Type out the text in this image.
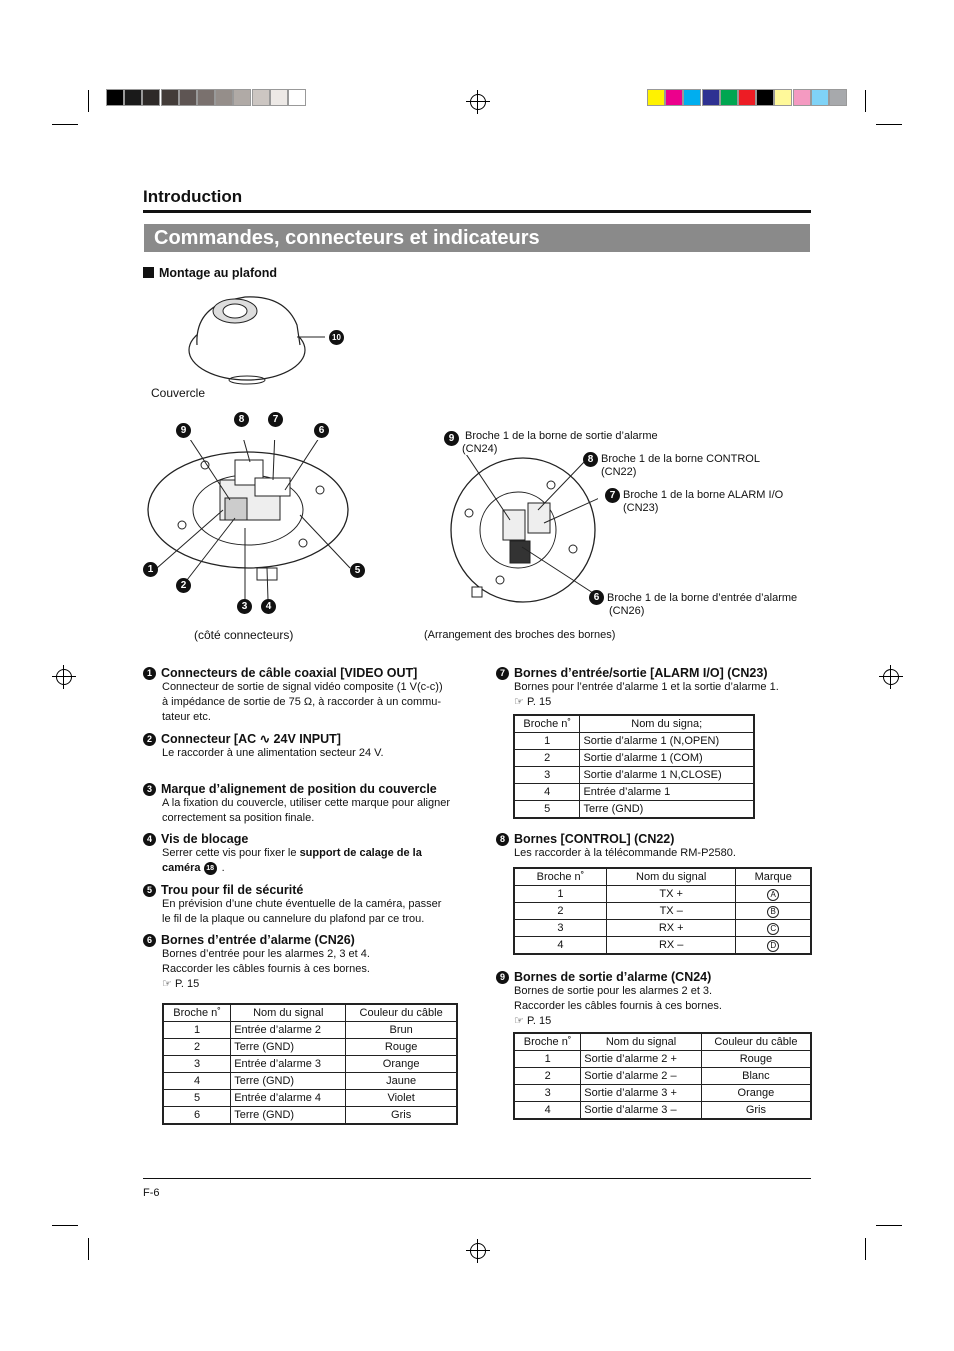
Introduction
Commandes, connecteurs et indicateurs
Montage au plafond
10
Couvercle
9
8	7
6
1
2
5
3	4
(côté connecteurs)
9 Broche 1 de la borne de sortie d’alarme
(CN24)
8 Broche 1 de la borne CONTROL
(CN22)
7 Broche 1 de la borne ALARM I/O
(CN23)
6 Broche 1 de la borne d’entrée d’alarme
(CN26)
(Arrangement des broches des bornes)
1 Connecteurs de câble coaxial [VIDEO OUT]
Connecteur de sortie de signal vidéo composite (1 V(c-c))
à impédance de sortie de 75 Ω, à raccorder à un commu-
tateur etc.
2 Connecteur [AC ∿ 24V INPUT]
Le raccorder à une alimentation secteur 24 V.
3 Marque d’alignement de position du couvercle
A la fixation du couvercle, utiliser cette marque pour aligner
correctement sa position finale.
4 Vis de blocage
Serrer cette vis pour fixer le support de calage de la
caméra 18 .
5 Trou pour fil de sécurité
En prévision d’une chute éventuelle de la caméra, passer
le fil de la plaque ou cannelure du plafond par ce trou.
6 Bornes d’entrée d’alarme (CN26)
Bornes d’entrée pour les alarmes 2, 3 et 4.
Raccorder les câbles fournis à ces bornes.
☞ P. 15
Broche n˚	Nom du signal	Couleur du câble
1	Entrée d’alarme 2	Brun
2	Terre (GND)	Rouge
3	Entrée d’alarme 3	Orange
4	Terre (GND)	Jaune
5	Entrée d’alarme 4	Violet
6	Terre (GND)	Gris
7 Bornes d’entrée/sortie [ALARM I/O] (CN23)
Bornes pour l’entrée d’alarme 1 et la sortie d’alarme 1.
☞ P. 15
Broche n˚	Nom du signa;
1	Sortie d’alarme 1 (N,OPEN)
2	Sortie d’alarme 1 (COM)
3	Sortie d’alarme 1 N,CLOSE)
4	Entrée d’alarme 1
5	Terre (GND)
8 Bornes [CONTROL] (CN22)
Les raccorder à la télécommande RM-P2580.
Broche n˚	Nom du signal	Marque
1	TX +	A
2	TX –	B
3	RX +	C
4	RX –	D
9 Bornes de sortie d’alarme (CN24)
Bornes de sortie pour les alarmes 2 et 3.
Raccorder les câbles fournis à ces bornes.
☞ P. 15
Broche n˚	Nom du signal	Couleur du câble
1	Sortie d’alarme 2 +	Rouge
2	Sortie d’alarme 2 –	Blanc
3	Sortie d’alarme 3 +	Orange
4	Sortie d’alarme 3 –	Gris
F-6
